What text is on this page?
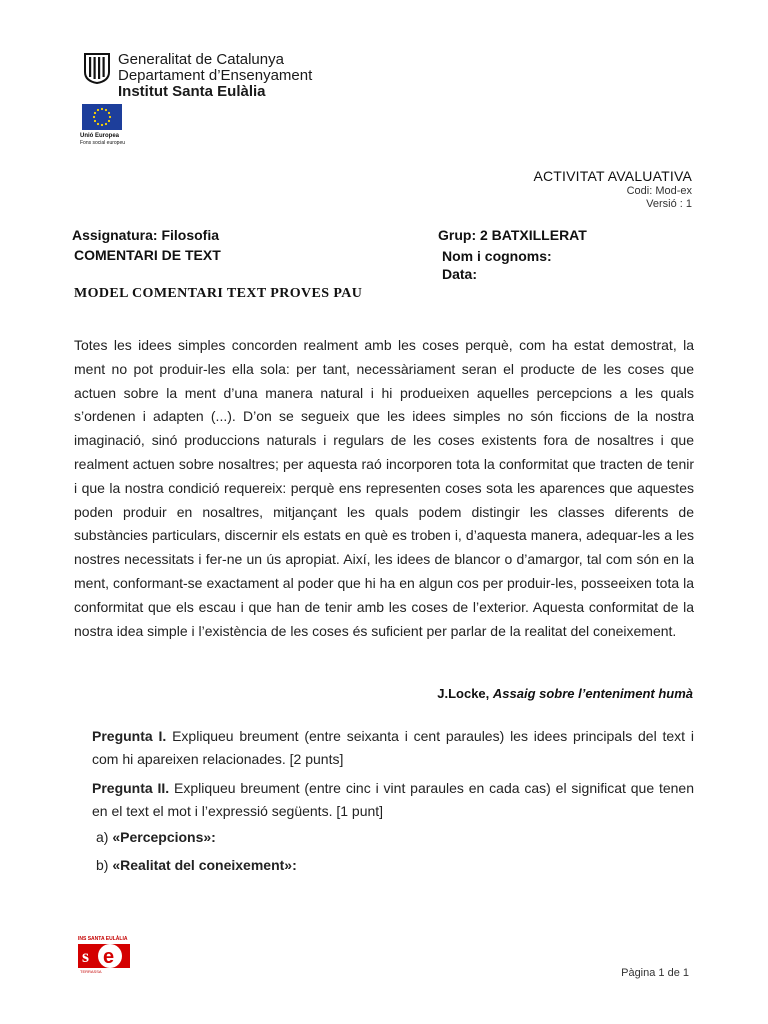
Generalitat de Catalunya
Departament d’Ensenyament
Institut Santa Eulàlia
Unió Europea
Fons social europeu
ACTIVITAT AVALUATIVA
Codi: Mod-ex
Versió : 1
Assignatura: Filosofia	Grup: 2 BATXILLERAT
COMENTARI DE TEXT	Nom i cognoms:
Data:
MODEL COMENTARI TEXT PROVES PAU
Totes les idees simples concorden realment amb les coses perquè, com ha estat demostrat, la ment no pot produir-les ella sola: per tant, necessàriament seran el producte de les coses que actuen sobre la ment d’una manera natural i hi produeixen aquelles percepcions a les quals s’ordenen i adapten (...). D’on se segueix que les idees simples no són ficcions de la nostra imaginació, sinó produccions naturals i regulars de les coses existents fora de nosaltres i que realment actuen sobre nosaltres; per aquesta raó incorporen tota la conformitat que tracten de tenir i que la nostra condició requereix: perquè ens representen coses sota les aparences que aquestes poden produir en nosaltres, mitjançant les quals podem distingir les classes diferents de substàncies particulars, discernir els estats en què es troben i, d’aquesta manera, adequar-les a les nostres necessitats i fer-ne un ús apropiat. Així, les idees de blancor o d’amargor, tal com són en la ment, conformant-se exactament al poder que hi ha en algun cos per produir-les, posseeixen tota la conformitat que els escau i que han de tenir amb les coses de l’exterior. Aquesta conformitat de la nostra idea simple i l’existència de les coses és suficient per parlar de la realitat del coneixement.
J.Locke, Assaig sobre l’enteniment humà
Pregunta I. Expliqueu breument (entre seixanta i cent paraules) les idees principals del text i com hi apareixen relacionades. [2 punts]
Pregunta II. Expliqueu breument (entre cinc i vint paraules en cada cas) el significat que tenen en el text el mot i l’expressió següents. [1 punt]
a) «Percepcions»:
b) «Realitat del coneixement»:
INS SANTA EULÀLIA
s e
TERRASSA	Pàgina 1 de 1
